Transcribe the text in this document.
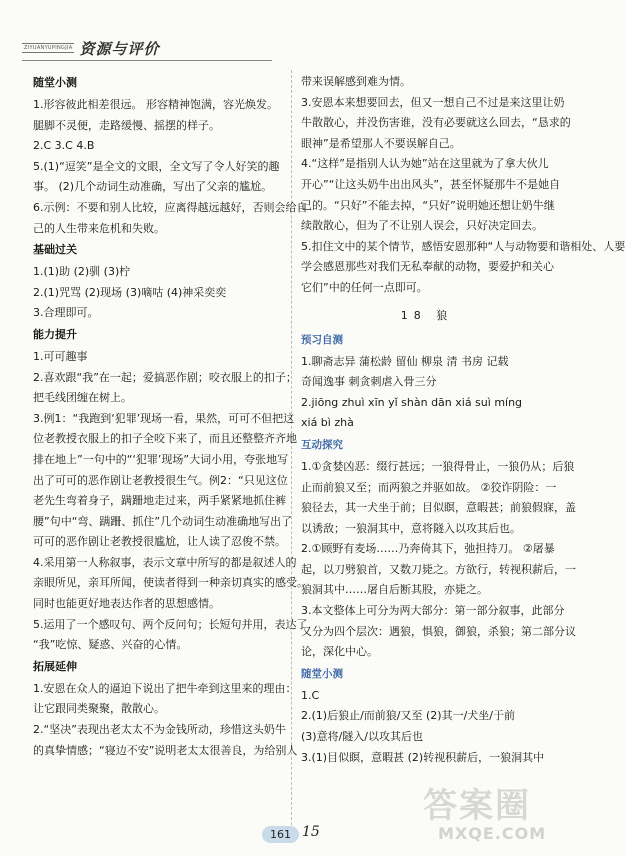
ZIYUANYUPINGJIA 资源与评价
随堂小测
1.形容彼此相差很远。 形容精神饱满，容光焕发。
腿脚不灵便，走路缓慢、摇摆的样子。
2.C 3.C 4.B
5.(1)“逗笑”是全文的文眼，全文写了令人好笑的趣
事。 (2)几个动词生动准确，写出了父亲的尴尬。
6.示例：不要和别人比较，应离得越远越好，否则会给自
己的人生带来危机和失败。
基础过关
1.(1)助 (2)驯 (3)柠
2.(1)咒骂 (2)现场 (3)嘀咕 (4)神采奕奕
3.合理即可。
能力提升
1.可可趣事
2.喜欢跟“我”在一起；爱搞恶作剧；咬衣服上的扣子；
把毛线团缠在树上。
3.例1：“我跑到‘犯罪’现场一看，果然，可可不但把这
位老教授衣服上的扣子全咬下来了，而且还整整齐齐地
排在地上”一句中的“‘犯罪’现场”大词小用，夸张地写
出了可可的恶作剧让老教授很生气。例2：“只见这位
老先生弯着身子，蹒跚地走过来，两手紧紧地抓住裤
腰”句中“弯、蹒跚、抓住”几个动词生动准确地写出了
可可的恶作剧让老教授很尴尬，让人读了忍俊不禁。
4.采用第一人称叙事，表示文章中所写的都是叙述人的
亲眼所见，亲耳所闻，使读者得到一种亲切真实的感受。
同时也能更好地表达作者的思想感情。
5.运用了一个感叹句、两个反问句；长短句并用，表达了
“我”吃惊、疑惑、兴奋的心情。
拓展延伸
1.安恩在众人的逼迫下说出了把牛牵到这里来的理由：
让它跟同类聚聚，散散心。
2.“坚决”表现出老太太不为金钱所动，珍惜这头奶牛
的真挚情感；“寝边不安”说明老太太很善良，为给别人
带来误解感到难为情。
3.安恩本来想要回去，但又一想自己不过是来这里让奶
牛散散心，并没伤害谁，没有必要就这么回去，“恳求的
眼神”是希望那人不要误解自己。
4.“这样”是指别人认为她”站在这里就为了拿大伙儿
开心”“让这头奶牛出出风头”，甚至怀疑那牛不是她自
己的。“只好”不能去掉，“只好”说明她还想让奶牛继
续散散心，但为了不让别人误会，只好决定回去。
5.扣住文中的某个情节，感悟安恩那种“人与动物要和谐相处、人要
学会感恩那些对我们无私奉献的动物，要爱护和关心
它们”中的任何一点即可。
18 狼
预习自测
1.聊斋志异 蒲松龄 留仙 柳泉 清 书房 记载
奇闻逸事 刺贪刺虐入骨三分
2.jiōng zhuì xīn yǐ shàn dān xiá suì míng
xiá bì zhà
互动探究
1.①贪婪凶恶：缀行甚远；一狼得骨止，一狼仍从；后狼
止而前狼又至；而两狼之并驱如故。 ②狡诈阴险：一
狼径去，其一犬坐于前；目似瞑，意暇甚；前狼假寐，盖
以诱敌；一狼洞其中，意将隧入以攻其后也。
2.①顾野有麦场……乃奔倚其下，弛担持刀。 ②屠暴
起，以刀劈狼首，又数刀毙之。方欲行，转视积薪后，一
狼洞其中……屠自后断其股，亦毙之。
3.本文整体上可分为两大部分：第一部分叙事，此部分
又分为四个层次：遇狼，惧狼，御狼，杀狼；第二部分议
论，深化中心。
随堂小测
1.C
2.(1)后狼止/而前狼/又至 (2)其一/犬坐/于前
(3)意将/隧入/以攻其后也
3.(1)目似瞑，意暇甚 (2)转视积薪后，一狼洞其中
161 15
答案圈
MXQE.COM
